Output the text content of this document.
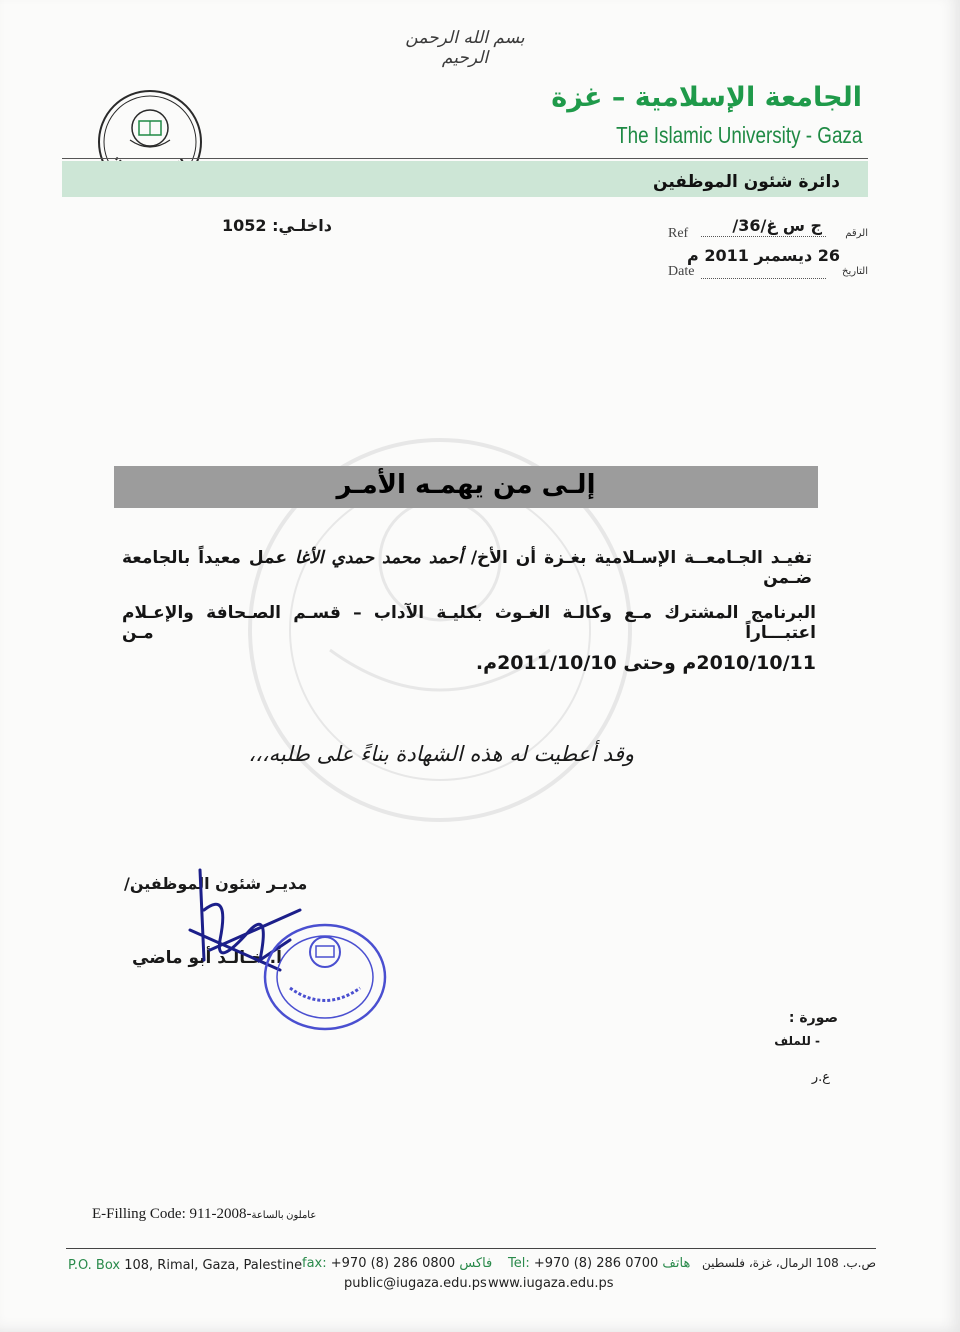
بسم الله الرحمن الرحيم
الجامعة الإسلامية – غزة
The Islamic University - Gaza
دائرة شئون الموظفين
داخلـي: 1052	الرقم
ج س غ/36/
Ref
26 ديسمبر 2011 م
التاريخ
Date
إلـى من يهمـه الأمـر
تفيـد الجـامعــة الإسـلامية بغـزة أن الأخ/ أحمد محمد حمدي الأغا عمل معيداً بالجامعة ضـمن
البرنامج المشترك مـع وكالـة الغـوث بكليـة الآداب – قسـم الصـحافة والإعـلام اعتبـــاراً مـن
2010/10/11م وحتى 2011/10/10م.
وقد أعطيت له هذه الشهادة بناءً على طلبه،،،
مديـر شئون الموظفين/
أ. خـالـد أبو ماضي
صورة :
- للملف
ع.ر
E-Filling Code: 911-	عاملون بالساعة-2008
P.O. Box 108, Rimal, Gaza, Palestine fax: +970 (8) 286 0800 فاكس Tel: +970 (8) 286 0700 هاتف ص.ب. 108 الرمال، غزة، فلسطين
public@iugaza.edu.ps www.iugaza.edu.ps
